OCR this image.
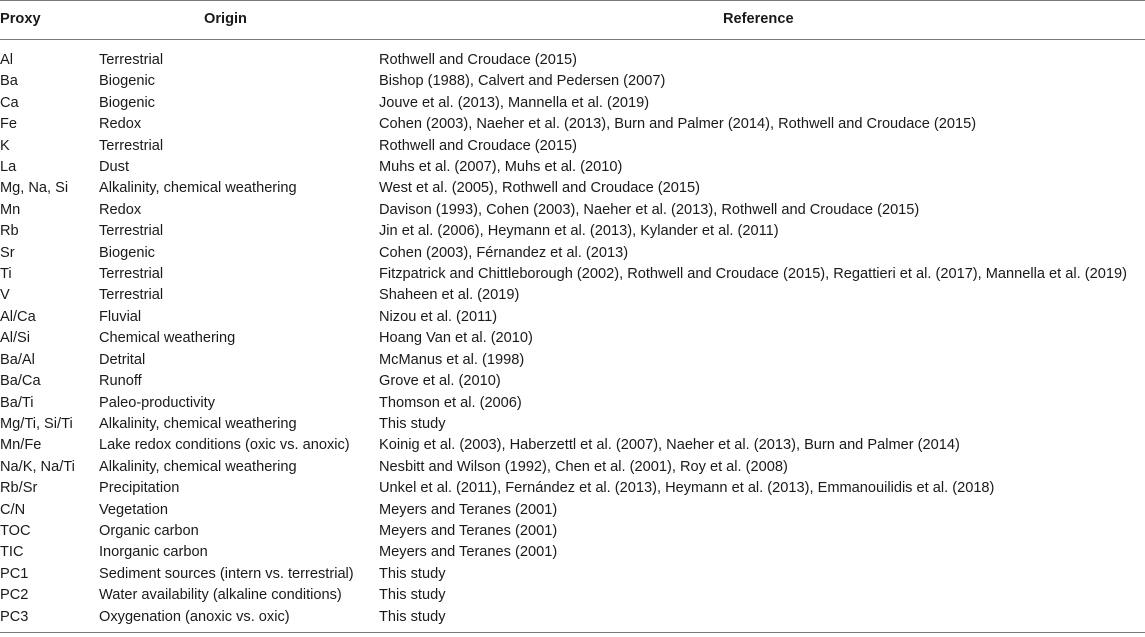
Proxy	Origin	Reference

Al	Terrestrial	Rothwell and Croudace (2015)
Ba	Biogenic	Bishop (1988), Calvert and Pedersen (2007)
Ca	Biogenic	Jouve et al. (2013), Mannella et al. (2019)
Fe	Redox	Cohen (2003), Naeher et al. (2013), Burn and Palmer (2014), Rothwell and Croudace (2015)
K	Terrestrial	Rothwell and Croudace (2015)
La	Dust	Muhs et al. (2007), Muhs et al. (2010)
Mg, Na, Si	Alkalinity, chemical weathering	West et al. (2005), Rothwell and Croudace (2015)
Mn	Redox	Davison (1993), Cohen (2003), Naeher et al. (2013), Rothwell and Croudace (2015)
Rb	Terrestrial	Jin et al. (2006), Heymann et al. (2013), Kylander et al. (2011)
Sr	Biogenic	Cohen (2003), Férnandez et al. (2013)
Ti	Terrestrial	Fitzpatrick and Chittleborough (2002), Rothwell and Croudace (2015), Regattieri et al. (2017), Mannella et al. (2019)
V	Terrestrial	Shaheen et al. (2019)
Al/Ca	Fluvial	Nizou et al. (2011)
Al/Si	Chemical weathering	Hoang Van et al. (2010)
Ba/Al	Detrital	McManus et al. (1998)
Ba/Ca	Runoff	Grove et al. (2010)
Ba/Ti	Paleo-productivity	Thomson et al. (2006)
Mg/Ti, Si/Ti	Alkalinity, chemical weathering	This study
Mn/Fe	Lake redox conditions (oxic vs. anoxic)	Koinig et al. (2003), Haberzettl et al. (2007), Naeher et al. (2013), Burn and Palmer (2014)
Na/K, Na/Ti	Alkalinity, chemical weathering	Nesbitt and Wilson (1992), Chen et al. (2001), Roy et al. (2008)
Rb/Sr	Precipitation	Unkel et al. (2011), Fernández et al. (2013), Heymann et al. (2013), Emmanouilidis et al. (2018)
C/N	Vegetation	Meyers and Teranes (2001)
TOC	Organic carbon	Meyers and Teranes (2001)
TIC	Inorganic carbon	Meyers and Teranes (2001)
PC1	Sediment sources (intern vs. terrestrial)	This study
PC2	Water availability (alkaline conditions)	This study
PC3	Oxygenation (anoxic vs. oxic)	This study
